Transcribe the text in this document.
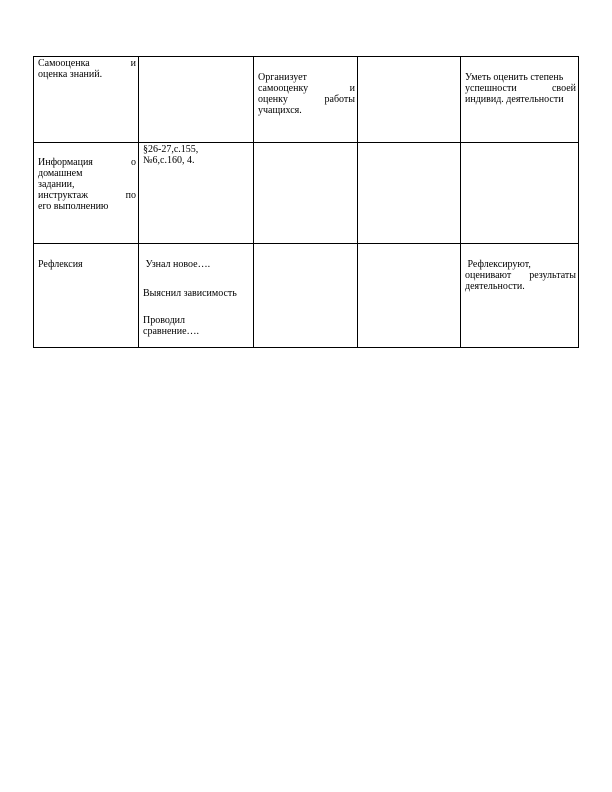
Самооценка и
оценка знаний.		Организует
самооценку и
оценку работы
учащихся.		Уметь оценить степень
успешности своей
индивид. деятельности

Информация о
домашнем
задании,
инструктаж по
его выполнению	§26-27,с.155,
№6,с.160, 4.			

Рефлексия	Узнал новое….
Выяснил зависимость
Проводил
сравнение….			Рефлексируют,
оценивают результаты
деятельности.
